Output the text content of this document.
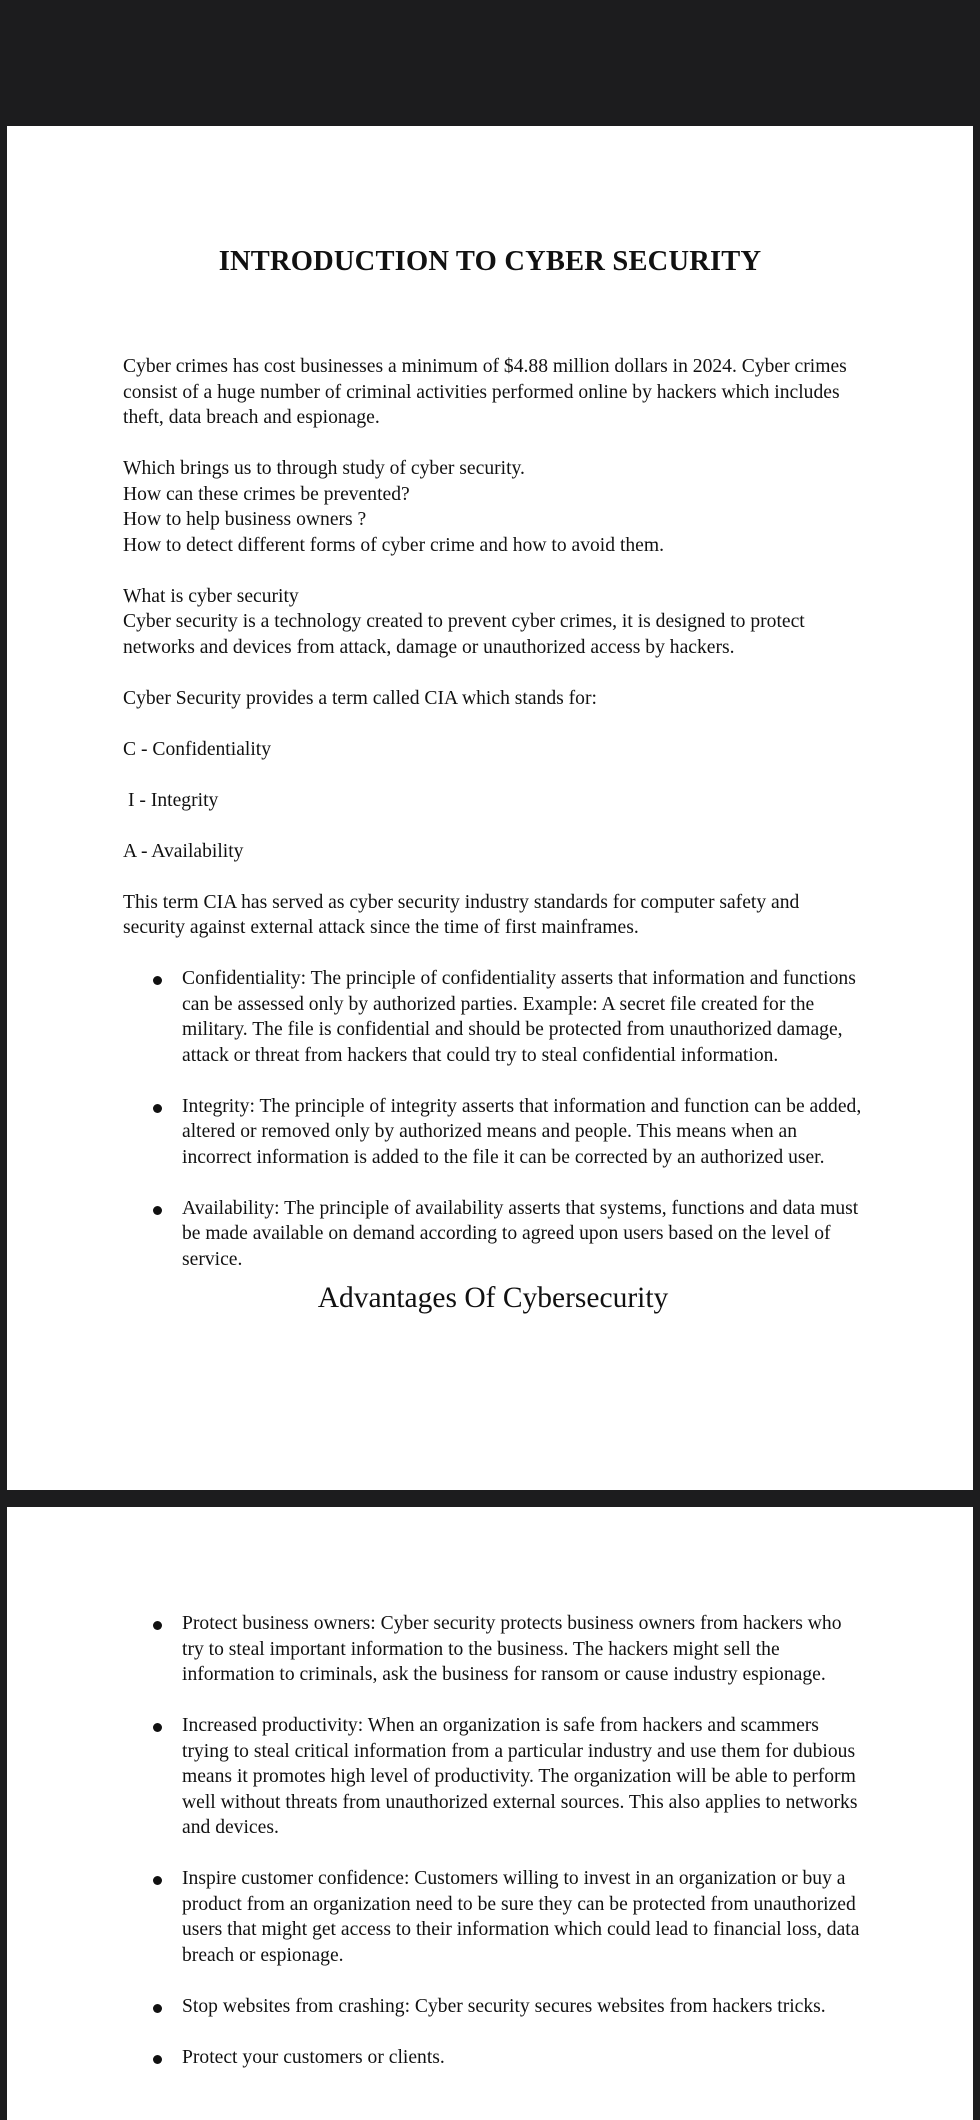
INTRODUCTION TO CYBER SECURITY

Cyber crimes has cost businesses a minimum of $4.88 million dollars in 2024. Cyber crimes consist of a huge number of criminal activities performed online by hackers which includes theft, data breach and espionage.

Which brings us to through study of cyber security.
How can these crimes be prevented?
How to help business owners ?
How to detect different forms of cyber crime and how to avoid them.

What is cyber security
Cyber security is a technology created to prevent cyber crimes, it is designed to protect networks and devices from attack, damage or unauthorized access by hackers.

Cyber Security provides a term called CIA which stands for:

C - Confidentiality

I - Integrity

A - Availability

This term CIA has served as cyber security industry standards for computer safety and security against external attack since the time of first mainframes.

Confidentiality: The principle of confidentiality asserts that information and functions can be assessed only by authorized parties. Example: A secret file created for the military. The file is confidential and should be protected from unauthorized damage, attack or threat from hackers that could try to steal confidential information.
Integrity: The principle of integrity asserts that information and function can be added, altered or removed only by authorized means and people. This means when an incorrect information is added to the file it can be corrected by an authorized user.
Availability: The principle of availability asserts that systems, functions and data must be made available on demand according to agreed upon users based on the level of service.
Advantages Of Cybersecurity
Protect business owners: Cyber security protects business owners from hackers who try to steal important information to the business. The hackers might sell the information to criminals, ask the business for ransom or cause industry espionage.
Increased productivity: When an organization is safe from hackers and scammers trying to steal critical information from a particular industry and use them for dubious means it promotes high level of productivity. The organization will be able to perform well without threats from unauthorized external sources. This also applies to networks and devices.
Inspire customer confidence: Customers willing to invest in an organization or buy a product from an organization need to be sure they can be protected from unauthorized users that might get access to their information which could lead to financial loss, data breach or espionage.
Stop websites from crashing: Cyber security secures websites from hackers tricks.
Protect your customers or clients.
